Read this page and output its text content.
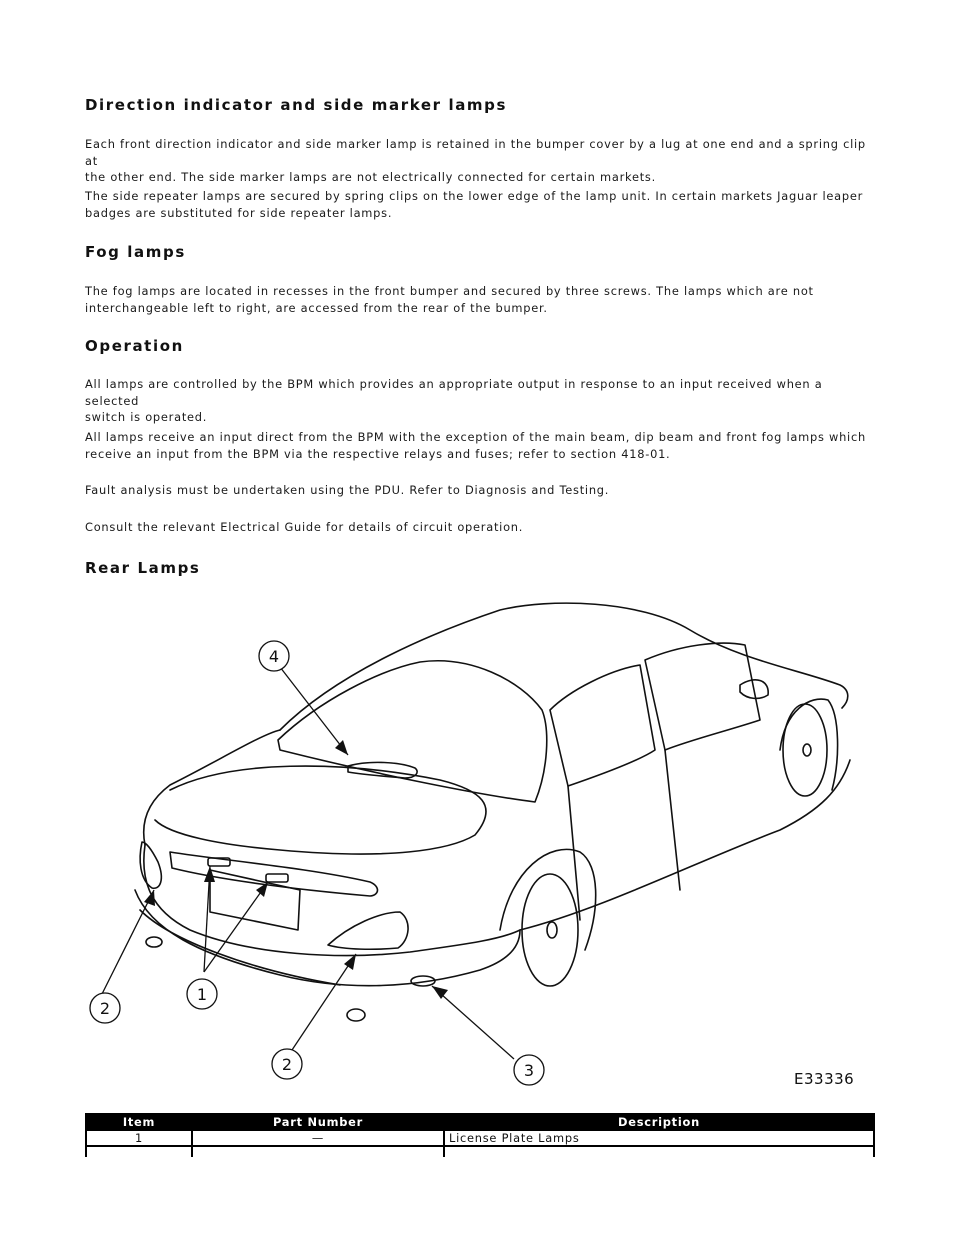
Direction indicator and side marker lamps

Each front direction indicator and side marker lamp is retained in the bumper cover by a lug at one end and a spring clip at
the other end. The side marker lamps are not electrically connected for certain markets.

The side repeater lamps are secured by spring clips on the lower edge of the lamp unit. In certain markets Jaguar leaper
badges are substituted for side repeater lamps.

Fog lamps

The fog lamps are located in recesses in the front bumper and secured by three screws. The lamps which are not
interchangeable left to right, are accessed from the rear of the bumper.

Operation

All lamps are controlled by the BPM which provides an appropriate output in response to an input received when a selected
switch is operated.

All lamps receive an input direct from the BPM with the exception of the main beam, dip beam and front fog lamps which
receive an input from the BPM via the respective relays and fuses; refer to section 418-01.

Fault analysis must be undertaken using the PDU. Refer to Diagnosis and Testing.

Consult the relevant Electrical Guide for details of circuit operation.

Rear Lamps
4
2
1
2	3	E33336
Item	Part Number	Description
1	—	License Plate Lamps
